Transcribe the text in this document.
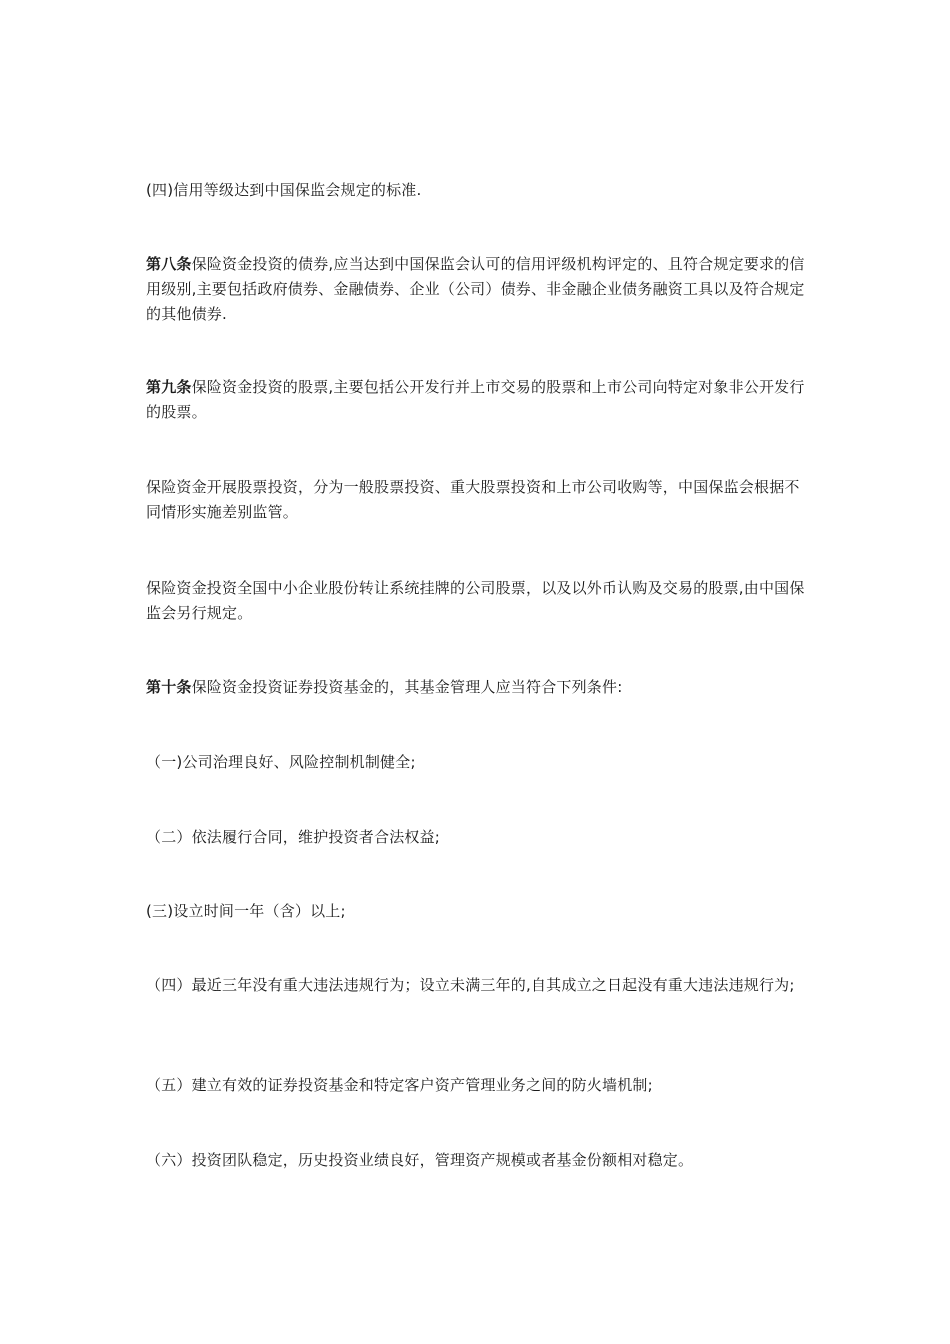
(四)信用等级达到中国保监会规定的标准.

第八条保险资金投资的债券,应当达到中国保监会认可的信用评级机构评定的、且符合规定要求的信用级别,主要包括政府债券、金融债券、企业（公司）债券、非金融企业债务融资工具以及符合规定的其他债券.

第九条保险资金投资的股票,主要包括公开发行并上市交易的股票和上市公司向特定对象非公开发行的股票。

保险资金开展股票投资，分为一般股票投资、重大股票投资和上市公司收购等，中国保监会根据不同情形实施差别监管。

保险资金投资全国中小企业股份转让系统挂牌的公司股票，以及以外币认购及交易的股票,由中国保监会另行规定。

第十条保险资金投资证券投资基金的，其基金管理人应当符合下列条件:

（一)公司治理良好、风险控制机制健全;

（二）依法履行合同，维护投资者合法权益;

(三)设立时间一年（含）以上;

（四）最近三年没有重大违法违规行为；设立未满三年的,自其成立之日起没有重大违法违规行为;

（五）建立有效的证券投资基金和特定客户资产管理业务之间的防火墙机制;

（六）投资团队稳定，历史投资业绩良好，管理资产规模或者基金份额相对稳定。
